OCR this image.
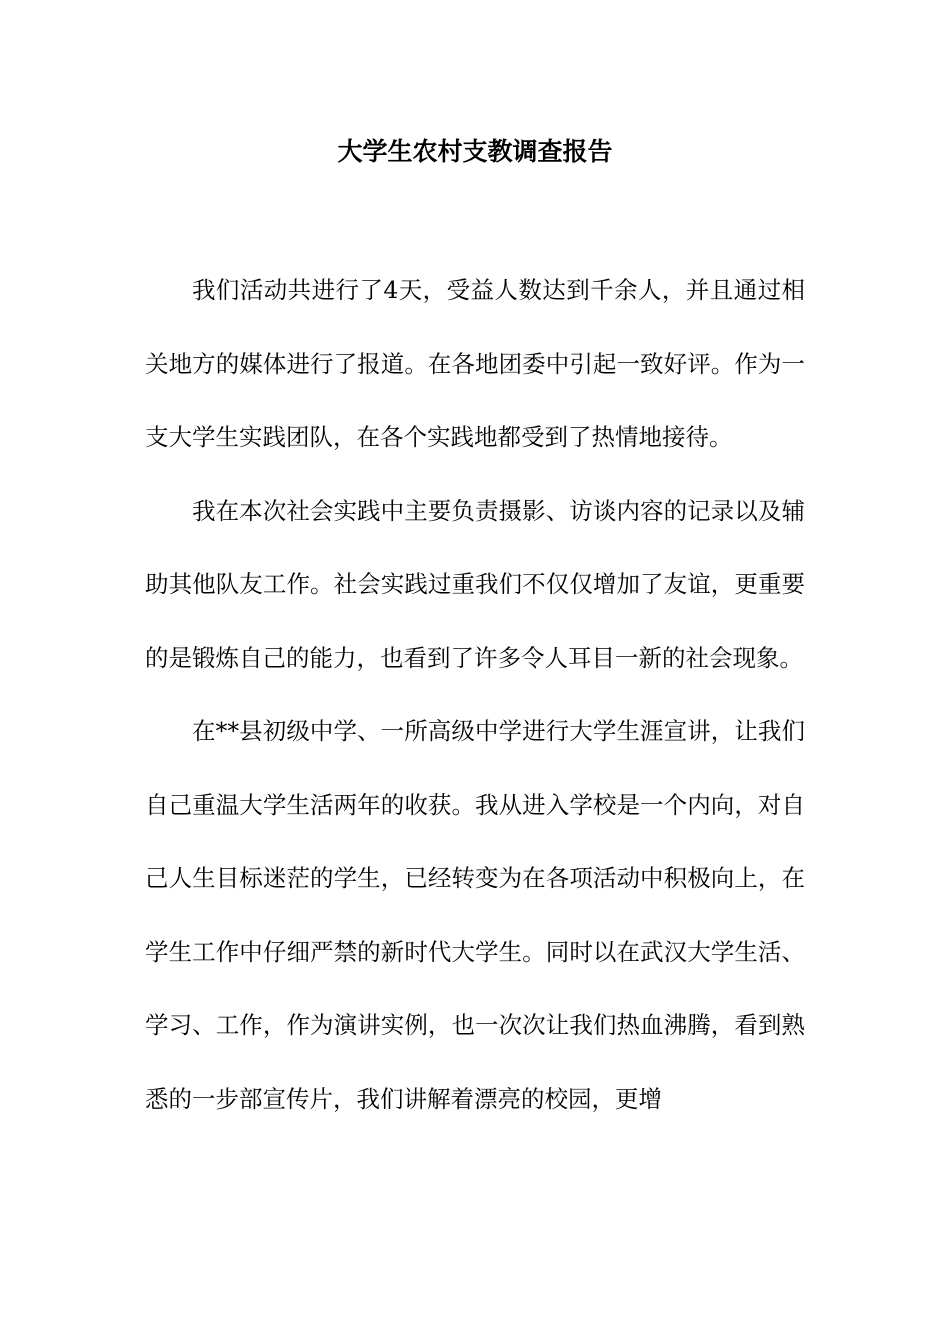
大学生农村支教调查报告

我们活动共进行了4天，受益人数达到千余人，并且通过相关地方的媒体进行了报道。在各地团委中引起一致好评。作为一支大学生实践团队，在各个实践地都受到了热情地接待。

我在本次社会实践中主要负责摄影、访谈内容的记录以及辅助其他队友工作。社会实践过重我们不仅仅增加了友谊，更重要的是锻炼自己的能力，也看到了许多令人耳目一新的社会现象。

在**县初级中学、一所高级中学进行大学生涯宣讲，让我们自己重温大学生活两年的收获。我从进入学校是一个内向，对自己人生目标迷茫的学生，已经转变为在各项活动中积极向上，在学生工作中仔细严禁的新时代大学生。同时以在武汉大学生活、学习、工作，作为演讲实例，也一次次让我们热血沸腾，看到熟悉的一步部宣传片，我们讲解着漂亮的校园，更增
